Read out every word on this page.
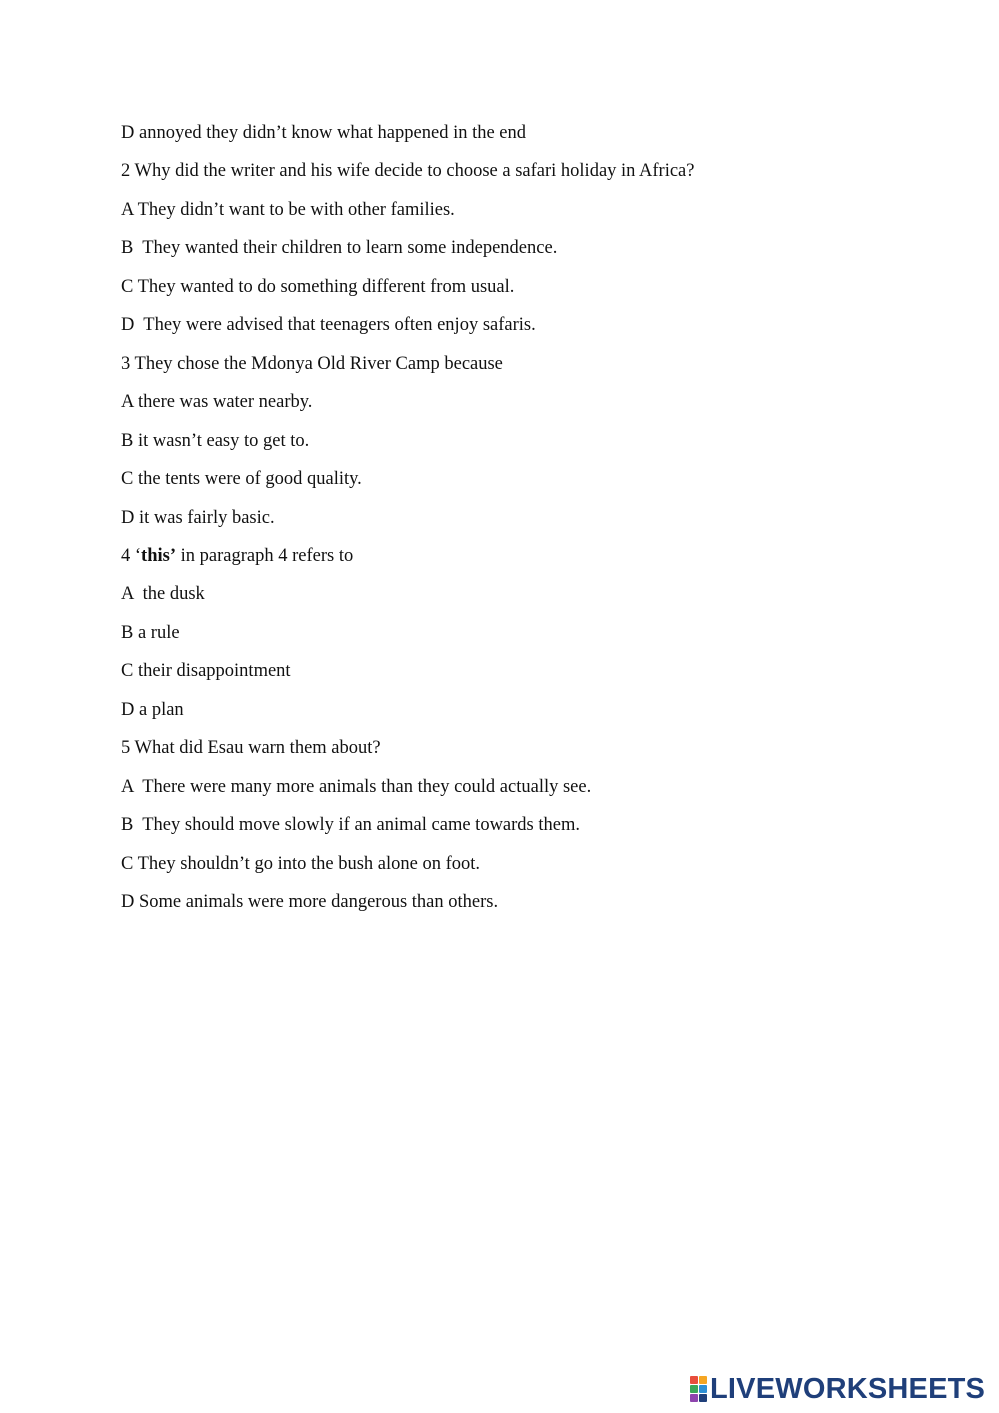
D annoyed they didn’t know what happened in the end
2 Why did the writer and his wife decide to choose a safari holiday in Africa?
A They didn’t want to be with other families.
B  They wanted their children to learn some independence.
C They wanted to do something different from usual.
D  They were advised that teenagers often enjoy safaris.
3 They chose the Mdonya Old River Camp because
A there was water nearby.
B it wasn’t easy to get to.
C the tents were of good quality.
D it was fairly basic.
4 ‘this’ in paragraph 4 refers to
A  the dusk
B a rule
C their disappointment
D a plan
5 What did Esau warn them about?
A  There were many more animals than they could actually see.
B  They should move slowly if an animal came towards them.
C They shouldn’t go into the bush alone on foot.
D Some animals were more dangerous than others.
LIVEWORKSHEETS
